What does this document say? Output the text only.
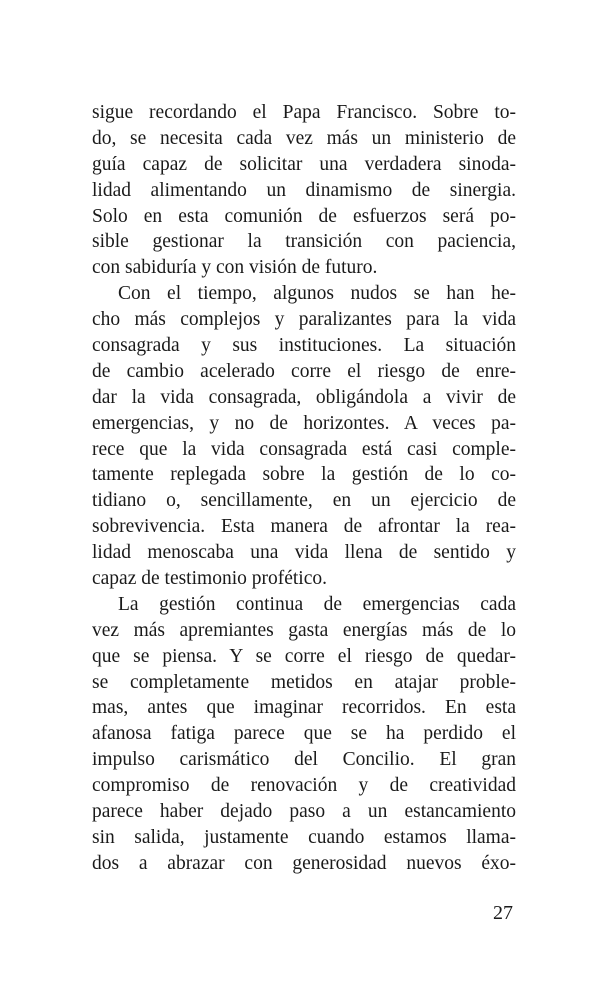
sigue recordando el Papa Francisco. Sobre to-
do, se necesita cada vez más un ministerio de
guía capaz de solicitar una verdadera sinoda-
lidad alimentando un dinamismo de sinergia.
Solo en esta comunión de esfuerzos será po-
sible gestionar la transición con paciencia,
con sabiduría y con visión de futuro.
Con el tiempo, algunos nudos se han he-
cho más complejos y paralizantes para la vida
consagrada y sus instituciones. La situación
de cambio acelerado corre el riesgo de enre-
dar la vida consagrada, obligándola a vivir de
emergencias, y no de horizontes. A veces pa-
rece que la vida consagrada está casi comple-
tamente replegada sobre la gestión de lo co-
tidiano o, sencillamente, en un ejercicio de
sobrevivencia. Esta manera de afrontar la rea-
lidad menoscaba una vida llena de sentido y
capaz de testimonio profético.
La gestión continua de emergencias cada
vez más apremiantes gasta energías más de lo
que se piensa. Y se corre el riesgo de quedar-
se completamente metidos en atajar proble-
mas, antes que imaginar recorridos. En esta
afanosa fatiga parece que se ha perdido el
impulso carismático del Concilio. El gran
compromiso de renovación y de creatividad
parece haber dejado paso a un estancamiento
sin salida, justamente cuando estamos llama-
dos a abrazar con generosidad nuevos éxo-
27
